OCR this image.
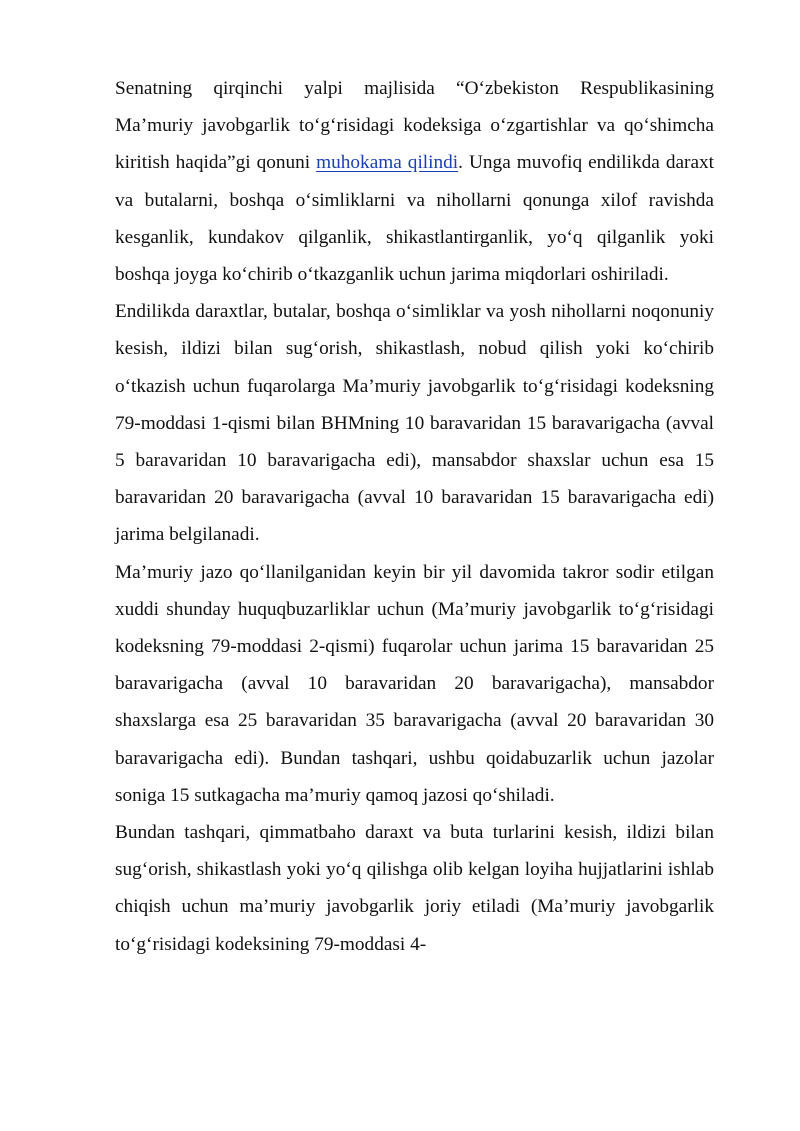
Senatning qirqinchi yalpi majlisida “O‘zbekiston Respublikasining Ma’muriy javobgarlik to‘g‘risidagi kodeksiga o‘zgartishlar va qo‘shimcha kiritish haqida”gi qonuni muhokama qilindi. Unga muvofiq endilikda daraxt va butalarni, boshqa o‘simliklarni va nihollarni qonunga xilof ravishda kesganlik, kundakov qilganlik, shikastlantirganlik, yo‘q qilganlik yoki boshqa joyga ko‘chirib o‘tkazganlik uchun jarima miqdorlari oshiriladi.

Endilikda daraxtlar, butalar, boshqa o‘simliklar va yosh nihollarni noqonuniy kesish, ildizi bilan sug‘orish, shikastlash, nobud qilish yoki ko‘chirib o‘tkazish uchun fuqarolarga Ma’muriy javobgarlik to‘g‘risidagi kodeksning 79-moddasi 1-qismi bilan BHMning 10 baravaridan 15 baravarigacha (avval 5 baravaridan 10 baravarigacha edi), mansabdor shaxslar uchun esa 15 baravaridan 20 baravarigacha (avval 10 baravaridan 15 baravarigacha edi) jarima belgilanadi.

Ma’muriy jazo qo‘llanilganidan keyin bir yil davomida takror sodir etilgan xuddi shunday huquqbuzarliklar uchun (Ma’muriy javobgarlik to‘g‘risidagi kodeksning 79-moddasi 2-qismi) fuqarolar uchun jarima 15 baravaridan 25 baravarigacha (avval 10 baravaridan 20 baravarigacha), mansabdor shaxslarga esa 25 baravaridan 35 baravarigacha (avval 20 baravaridan 30 baravarigacha edi). Bundan tashqari, ushbu qoidabuzarlik uchun jazolar soniga 15 sutkagacha ma’muriy qamoq jazosi qo‘shiladi.

Bundan tashqari, qimmatbaho daraxt va buta turlarini kesish, ildizi bilan sug‘orish, shikastlash yoki yo‘q qilishga olib kelgan loyiha hujjatlarini ishlab chiqish uchun ma’muriy javobgarlik joriy etiladi (Ma’muriy javobgarlik to‘g‘risidagi kodeksining 79-moddasi 4-
